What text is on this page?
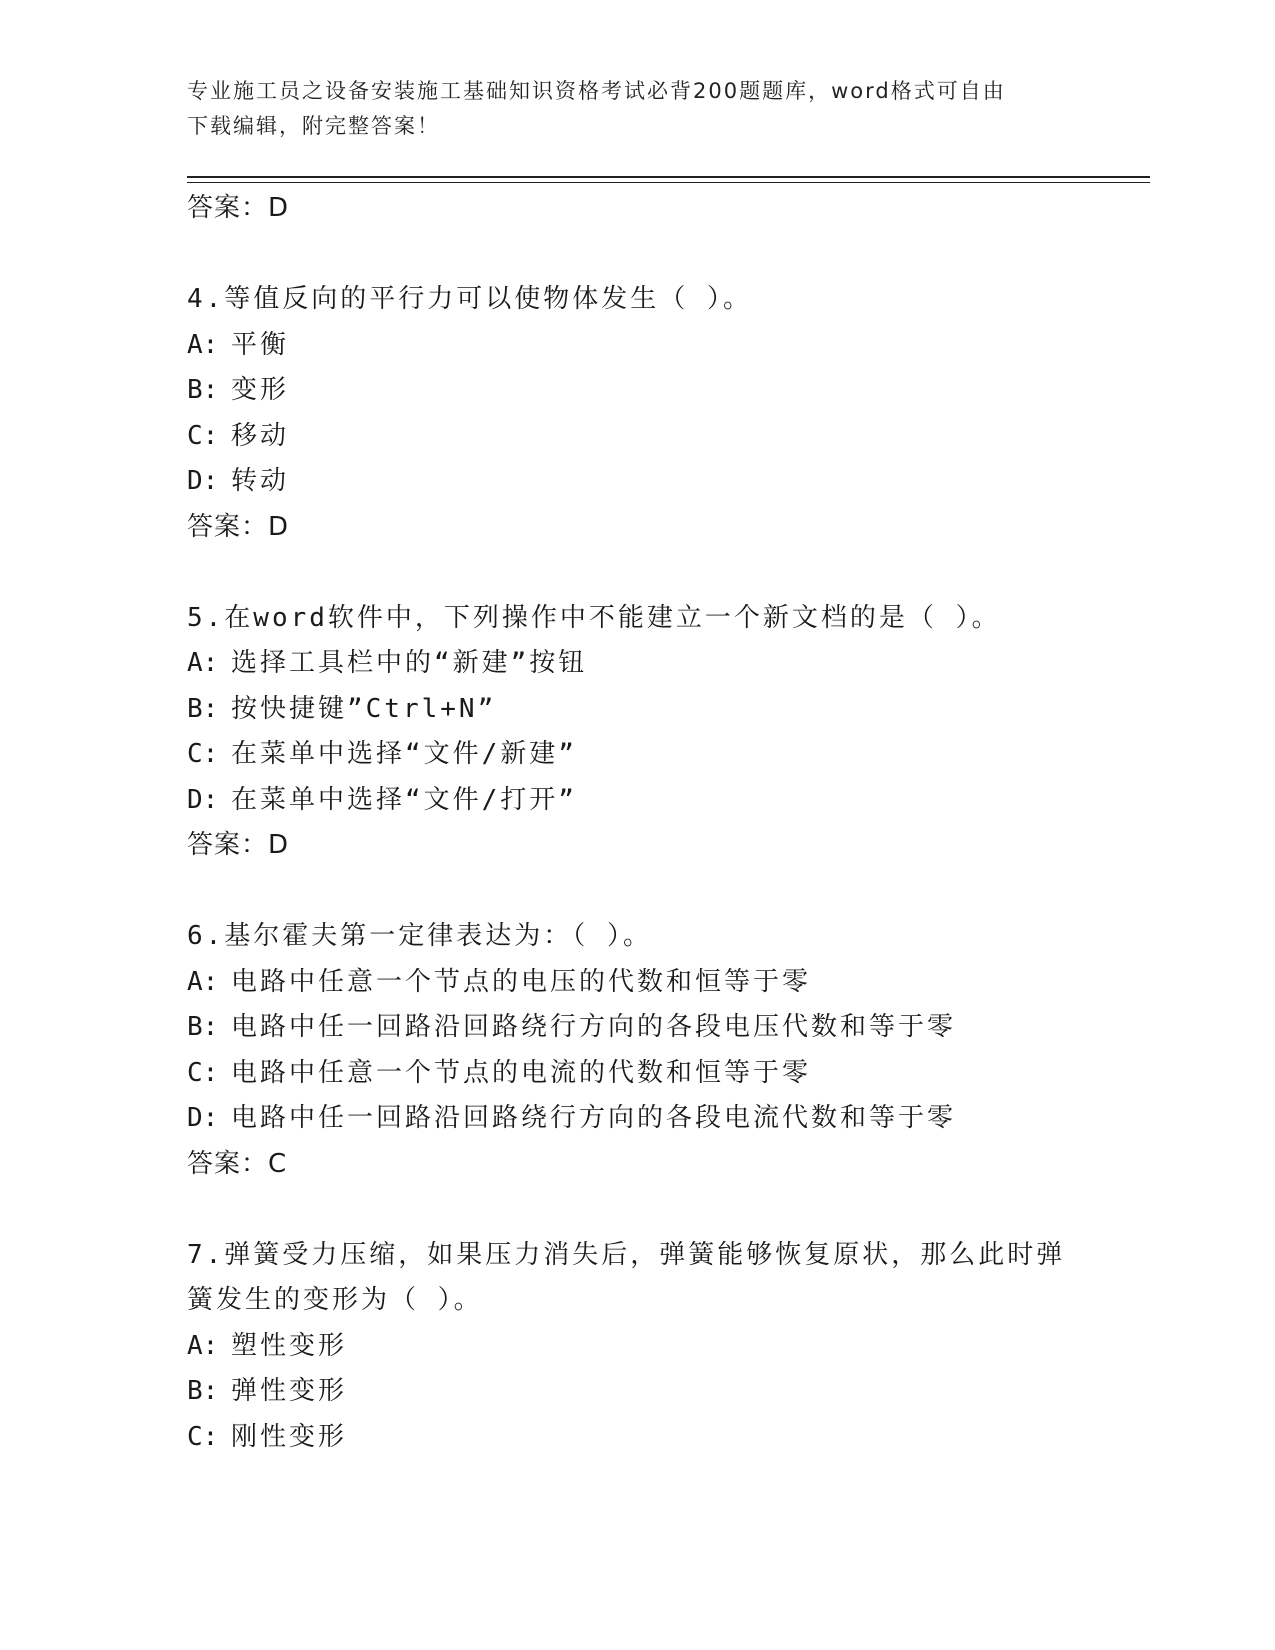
专业施工员之设备安装施工基础知识资格考试必背200题题库，word格式可自由
下载编辑，附完整答案！
答案：D
4.等值反向的平行力可以使物体发生（ ）。
A: 平衡
B: 变形
C: 移动
D: 转动
答案：D
5.在word软件中，下列操作中不能建立一个新文档的是（ ）。
A: 选择工具栏中的“新建”按钮
B: 按快捷键”Ctrl+N”
C: 在菜单中选择“文件/新建”
D: 在菜单中选择“文件/打开”
答案：D
6.基尔霍夫第一定律表达为：（ ）。
A: 电路中任意一个节点的电压的代数和恒等于零
B: 电路中任一回路沿回路绕行方向的各段电压代数和等于零
C: 电路中任意一个节点的电流的代数和恒等于零
D: 电路中任一回路沿回路绕行方向的各段电流代数和等于零
答案：C
7.弹簧受力压缩，如果压力消失后，弹簧能够恢复原状，那么此时弹
簧发生的变形为（ ）。
A: 塑性变形
B: 弹性变形
C: 刚性变形
